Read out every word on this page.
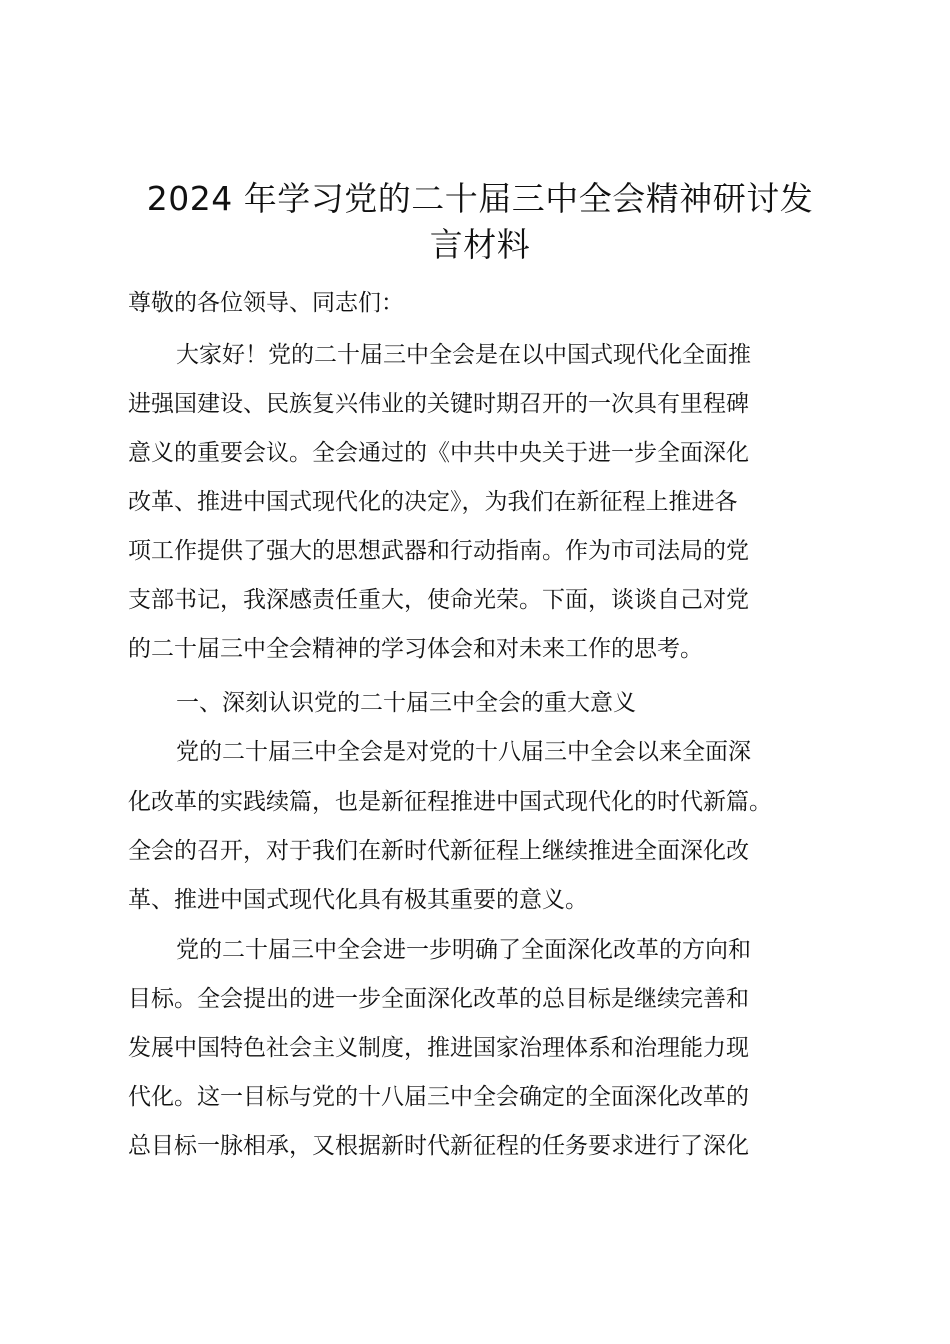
2024 年学习党的二十届三中全会精神研讨发
言材料

尊敬的各位领导、同志们：

大家好！党的二十届三中全会是在以中国式现代化全面推

进强国建设、民族复兴伟业的关键时期召开的一次具有里程碑

意义的重要会议。全会通过的《中共中央关于进一步全面深化

改革、推进中国式现代化的决定》，为我们在新征程上推进各

项工作提供了强大的思想武器和行动指南。作为市司法局的党

支部书记，我深感责任重大，使命光荣。下面，谈谈自己对党

的二十届三中全会精神的学习体会和对未来工作的思考。

一、深刻认识党的二十届三中全会的重大意义

党的二十届三中全会是对党的十八届三中全会以来全面深

化改革的实践续篇，也是新征程推进中国式现代化的时代新篇。

全会的召开，对于我们在新时代新征程上继续推进全面深化改

革、推进中国式现代化具有极其重要的意义。

党的二十届三中全会进一步明确了全面深化改革的方向和

目标。全会提出的进一步全面深化改革的总目标是继续完善和

发展中国特色社会主义制度，推进国家治理体系和治理能力现

代化。这一目标与党的十八届三中全会确定的全面深化改革的

总目标一脉相承，又根据新时代新征程的任务要求进行了深化
